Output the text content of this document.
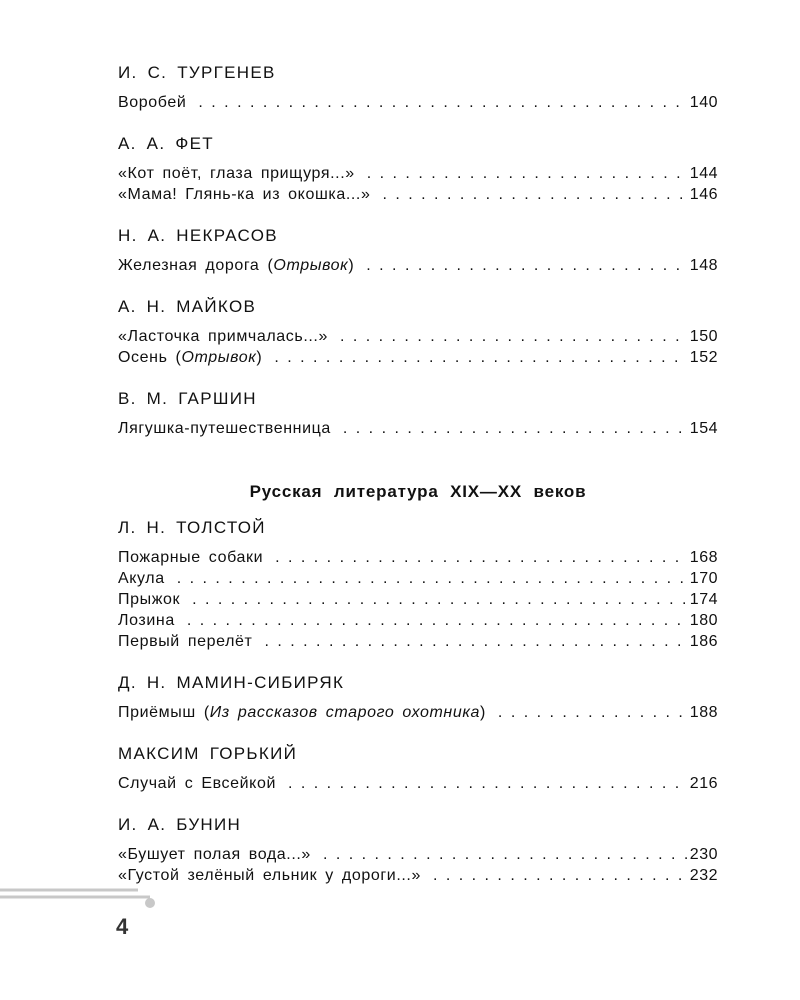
И. С. ТУРГЕНЕВ
Воробей . . .	140
А. А. ФЕТ
«Кот поёт, глаза прищуря...» . . .	144
«Мама! Глянь-ка из окошка...» . . .	146
Н. А. НЕКРАСОВ
Железная дорога (Отрывок) . . .	148
А. Н. МАЙКОВ
«Ласточка примчалась...» . . .	150
Осень (Отрывок) . . .	152
В. М. ГАРШИН
Лягушка-путешественница . . .	154
Русская литература XIX—XX веков
Л. Н. ТОЛСТОЙ
Пожарные собаки . . .	168
Акула . . .	170
Прыжок . . .	174
Лозина . . .	180
Первый перелёт . . .	186
Д. Н. МАМИН-СИБИРЯК
Приёмыш (Из рассказов старого охотника) . . .	188
МАКСИМ ГОРЬКИЙ
Случай с Евсейкой . . .	216
И. А. БУНИН
«Бушует полая вода...» . . .	230
«Густой зелёный ельник у дороги...» . . .	232
4
